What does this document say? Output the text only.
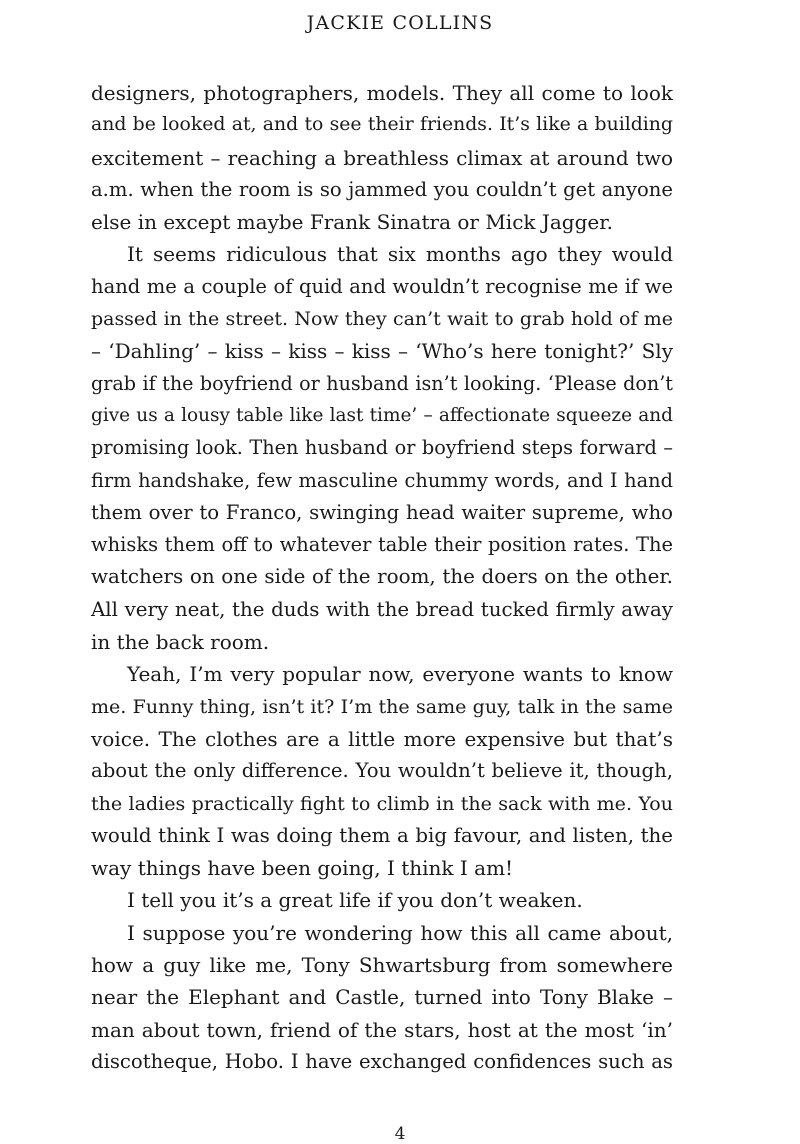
JACKIE COLLINS
designers, photographers, models. They all come to look
and be looked at, and to see their friends. It’s like a building
excitement – reaching a breathless climax at around two
a.m. when the room is so jammed you couldn’t get anyone
else in except maybe Frank Sinatra or Mick Jagger.
It seems ridiculous that six months ago they would
hand me a couple of quid and wouldn’t recognise me if we
passed in the street. Now they can’t wait to grab hold of me
– ‘Dahling’ – kiss – kiss – kiss – ‘Who’s here tonight?’ Sly
grab if the boyfriend or husband isn’t looking. ‘Please don’t
give us a lousy table like last time’ – affectionate squeeze and
promising look. Then husband or boyfriend steps forward –
firm handshake, few masculine chummy words, and I hand
them over to Franco, swinging head waiter supreme, who
whisks them off to whatever table their position rates. The
watchers on one side of the room, the doers on the other.
All very neat, the duds with the bread tucked firmly away
in the back room.
Yeah, I’m very popular now, everyone wants to know
me. Funny thing, isn’t it? I’m the same guy, talk in the same
voice. The clothes are a little more expensive but that’s
about the only difference. You wouldn’t believe it, though,
the ladies practically fight to climb in the sack with me. You
would think I was doing them a big favour, and listen, the
way things have been going, I think I am!
I tell you it’s a great life if you don’t weaken.
I suppose you’re wondering how this all came about,
how a guy like me, Tony Shwartsburg from somewhere
near the Elephant and Castle, turned into Tony Blake –
man about town, friend of the stars, host at the most ‘in’
discotheque, Hobo. I have exchanged confidences such as
4
